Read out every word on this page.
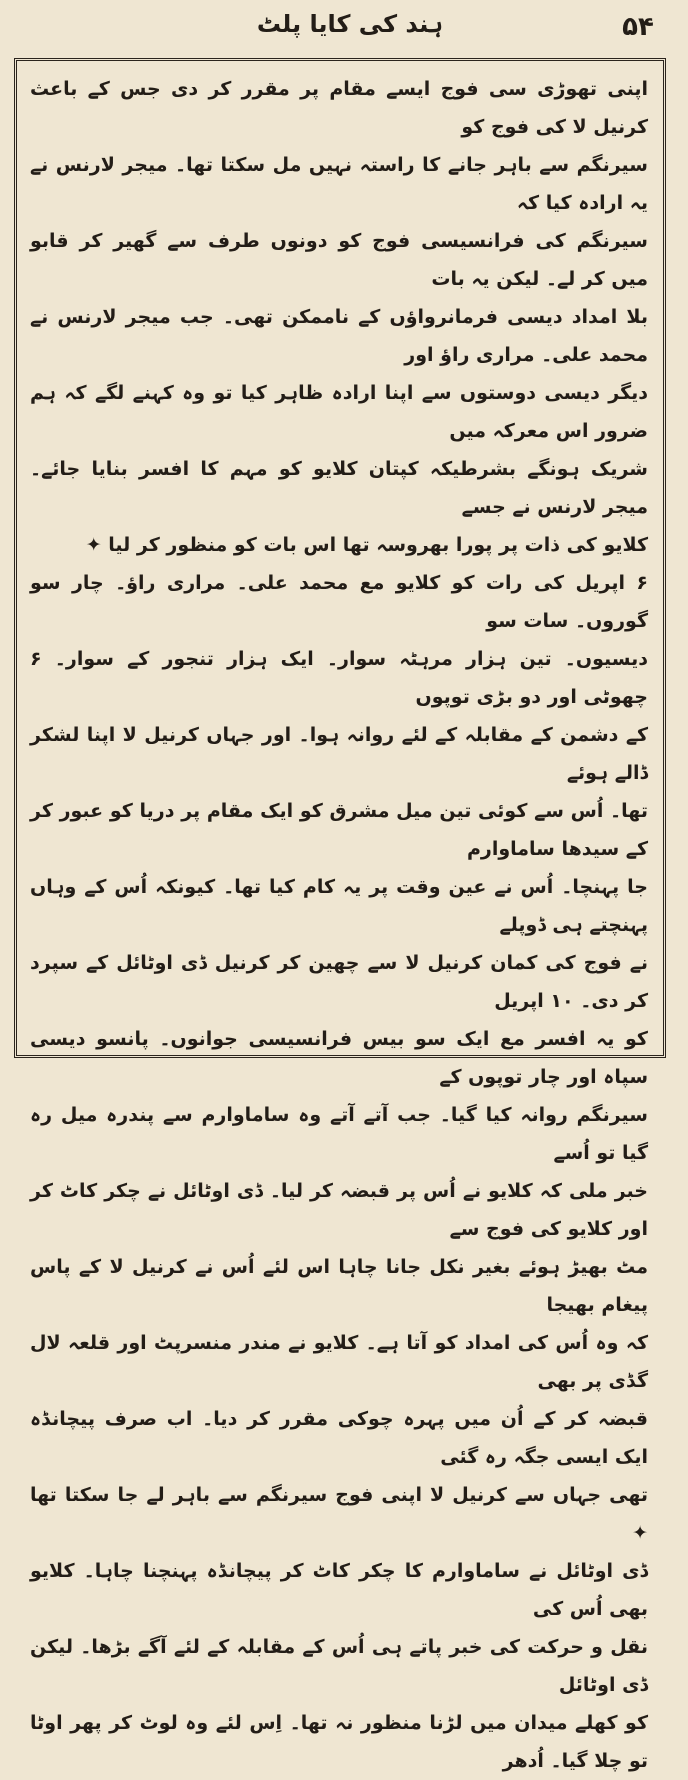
ہند کی کایا پلٹ	۵۴

اپنی تھوڑی سی فوج ایسے مقام پر مقرر کر دی جس کے باعث کرنیل لا کی فوج کو
سیرنگم سے باہر جانے کا راستہ نہیں مل سکتا تھا۔ میجر لارنس نے یہ ارادہ کیا کہ
سیرنگم کی فرانسیسی فوج کو دونوں طرف سے گھیر کر قابو میں کر لے۔ لیکن یہ بات
بلا امداد دیسی فرمانرواؤں کے ناممکن تھی۔ جب میجر لارنس نے محمد علی۔ مراری راؤ اور
دیگر دیسی دوستوں سے اپنا ارادہ ظاہر کیا تو وہ کہنے لگے کہ ہم ضرور اس معرکہ میں
شریک ہونگے بشرطیکہ کپتان کلایو کو مہم کا افسر بنایا جائے۔ میجر لارنس نے جسے
کلایو کی ذات پر پورا بھروسہ تھا اس بات کو منظور کر لیا ✦

۶ اپریل کی رات کو کلایو مع محمد علی۔ مراری راؤ۔ چار سو گوروں۔ سات سو
دیسیوں۔ تین ہزار مرہٹہ سوار۔ ایک ہزار تنجور کے سوار۔ ۶ چھوٹی اور دو بڑی توپوں
کے دشمن کے مقابلہ کے لئے روانہ ہوا۔ اور جہاں کرنیل لا اپنا لشکر ڈالے ہوئے
تھا۔ اُس سے کوئی تین میل مشرق کو ایک مقام پر دریا کو عبور کر کے سیدھا ساماوارم
جا پہنچا۔ اُس نے عین وقت پر یہ کام کیا تھا۔ کیونکہ اُس کے وہاں پہنچتے ہی ڈوپلے
نے فوج کی کمان کرنیل لا سے چھین کر کرنیل ڈی اوٹائل کے سپرد کر دی۔ ۱۰ اپریل
کو یہ افسر مع ایک سو بیس فرانسیسی جوانوں۔ پانسو دیسی سپاہ اور چار توپوں کے
سیرنگم روانہ کیا گیا۔ جب آتے آتے وہ ساماوارم سے پندرہ میل رہ گیا تو اُسے
خبر ملی کہ کلایو نے اُس پر قبضہ کر لیا۔ ڈی اوٹائل نے چکر کاٹ کر اور کلایو کی فوج سے
مٹ بھیڑ ہوئے بغیر نکل جانا چاہا اس لئے اُس نے کرنیل لا کے پاس پیغام بھیجا
کہ وہ اُس کی امداد کو آتا ہے۔ کلایو نے مندر منسرپٹ اور قلعہ لال گڈی پر بھی
قبضہ کر کے اُن میں پہرہ چوکی مقرر کر دیا۔ اب صرف پیچانڈہ ایک ایسی جگہ رہ گئی
تھی جہاں سے کرنیل لا اپنی فوج سیرنگم سے باہر لے جا سکتا تھا ✦

ڈی اوٹائل نے ساماوارم کا چکر کاٹ کر پیچانڈہ پہنچنا چاہا۔ کلایو بھی اُس کی
نقل و حرکت کی خبر پاتے ہی اُس کے مقابلہ کے لئے آگے بڑھا۔ لیکن ڈی اوٹائل
کو کھلے میدان میں لڑنا منظور نہ تھا۔ اِس لئے وہ لوٹ کر پھر اوٹا تو چلا گیا۔ اُدھر
